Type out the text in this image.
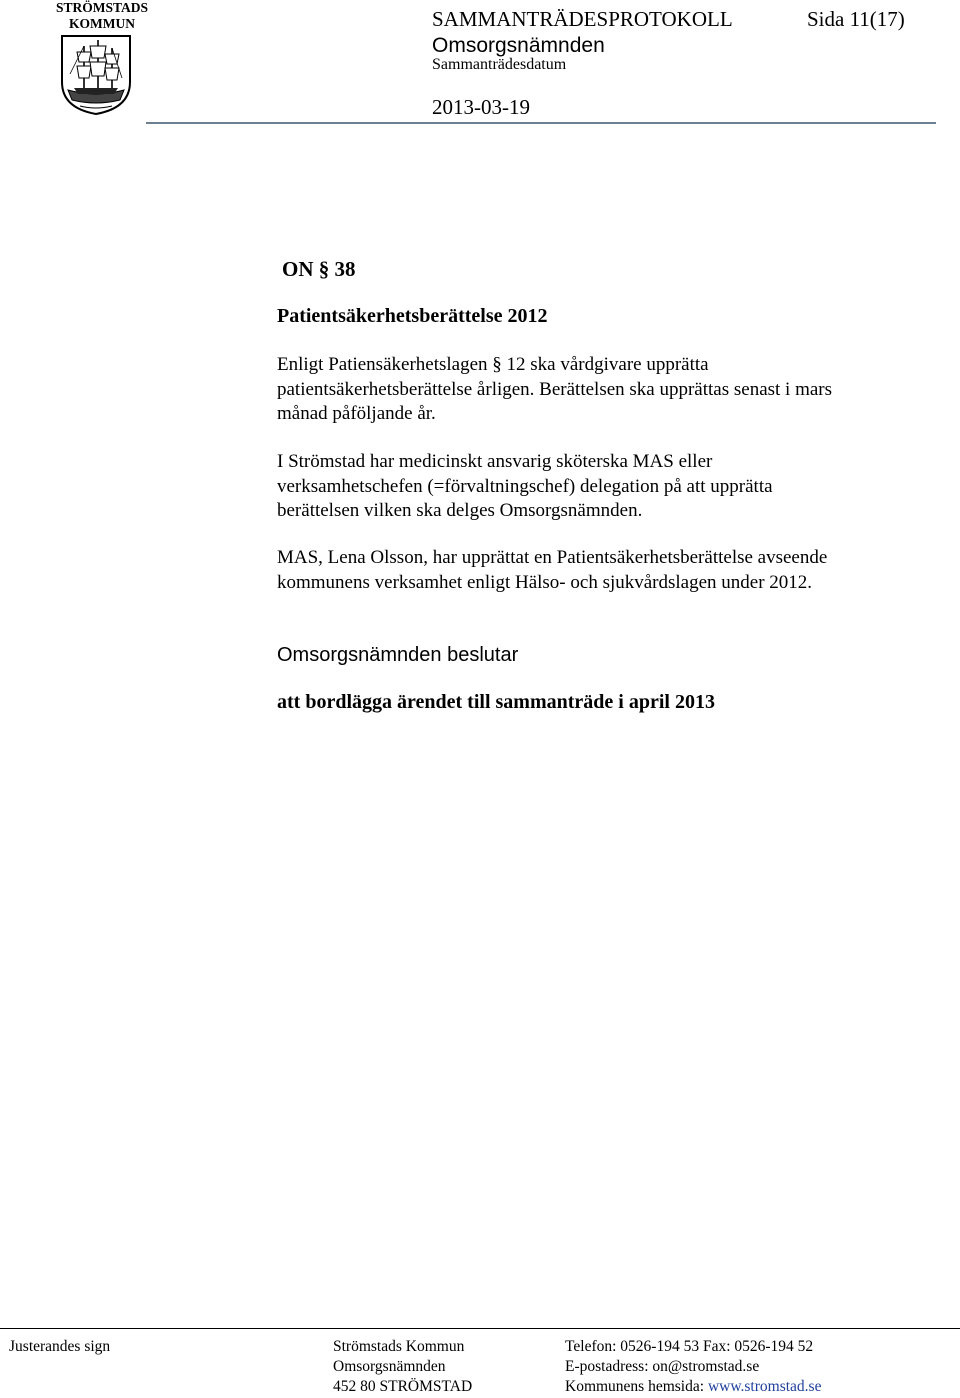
STRÖMSTADS
KOMMUN	SAMMANTRÄDESPROTOKOLL	Sida 11(17)
Omsorgsnämnden
Sammanträdesdatum
2013-03-19
ON § 38
Patientsäkerhetsberättelse 2012
Enligt Patiensäkerhetslagen § 12 ska vårdgivare upprätta patientsäkerhetsberättelse årligen. Berättelsen ska upprättas senast i mars månad påföljande år.
I Strömstad har medicinskt ansvarig sköterska MAS eller verksamhetschefen (=förvaltningschef) delegation på att upprätta berättelsen vilken ska delges Omsorgsnämnden.
MAS, Lena Olsson, har upprättat en Patientsäkerhetsberättelse avseende kommunens verksamhet enligt Hälso- och sjukvårdslagen under 2012.
Omsorgsnämnden beslutar
att bordlägga ärendet till sammanträde i april 2013
Justerandes sign	Strömstads Kommun
Omsorgsnämnden
452 80 STRÖMSTAD
Telefon: 0526-194 53 Fax: 0526-194 52
E-postadress: on@stromstad.se
Kommunens hemsida: www.stromstad.se
